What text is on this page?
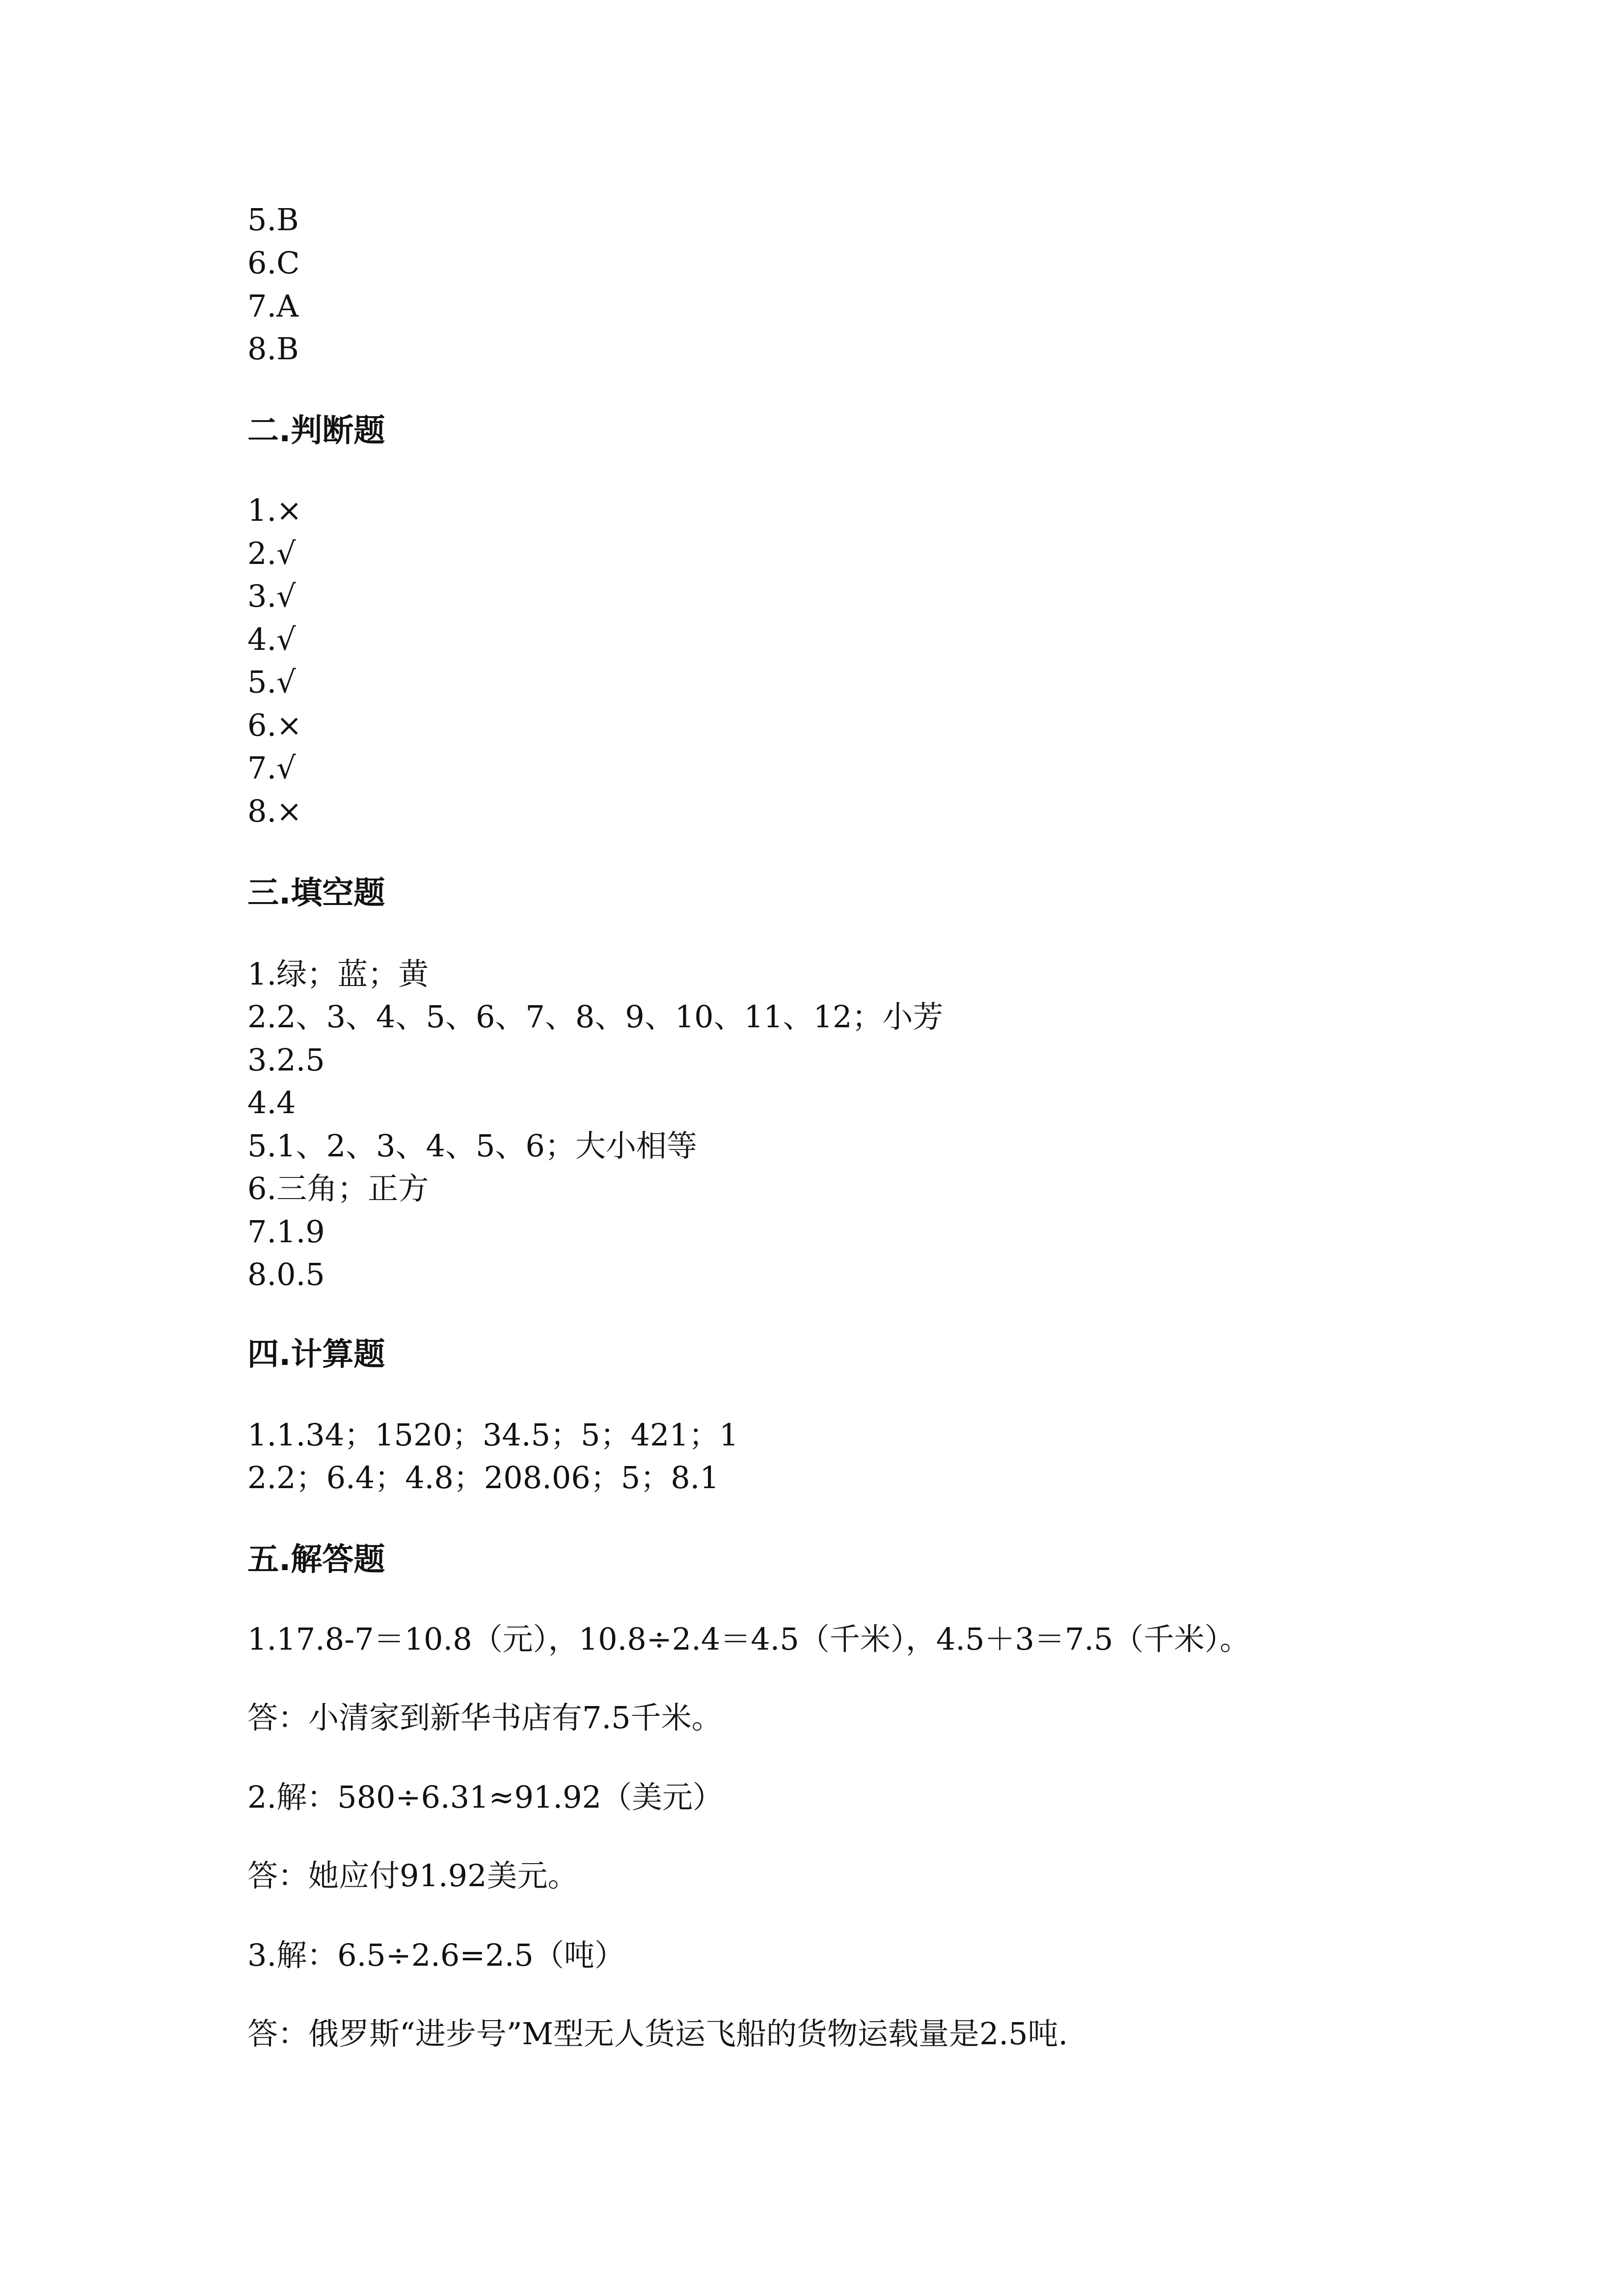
5.B
6.C
7.A
8.B
二.判断题
1.×
2.√
3.√
4.√
5.√
6.×
7.√
8.×
三.填空题
1.绿；蓝；黄
2.2、3、4、5、6、7、8、9、10、11、12；小芳
3.2.5
4.4
5.1、2、3、4、5、6；大小相等
6.三角；正方
7.1.9
8.0.5
四.计算题
1.1.34；1520；34.5；5；421；1
2.2；6.4；4.8；208.06；5；8.1
五.解答题
1.17.8-7＝10.8（元），10.8÷2.4＝4.5（千米），4.5＋3＝7.5（千米）。
答：小清家到新华书店有7.5千米。
2.解：580÷6.31≈91.92（美元）
答：她应付91.92美元。
3.解：6.5÷2.6=2.5（吨）
答：俄罗斯“进步号”M型无人货运飞船的货物运载量是2.5吨.
